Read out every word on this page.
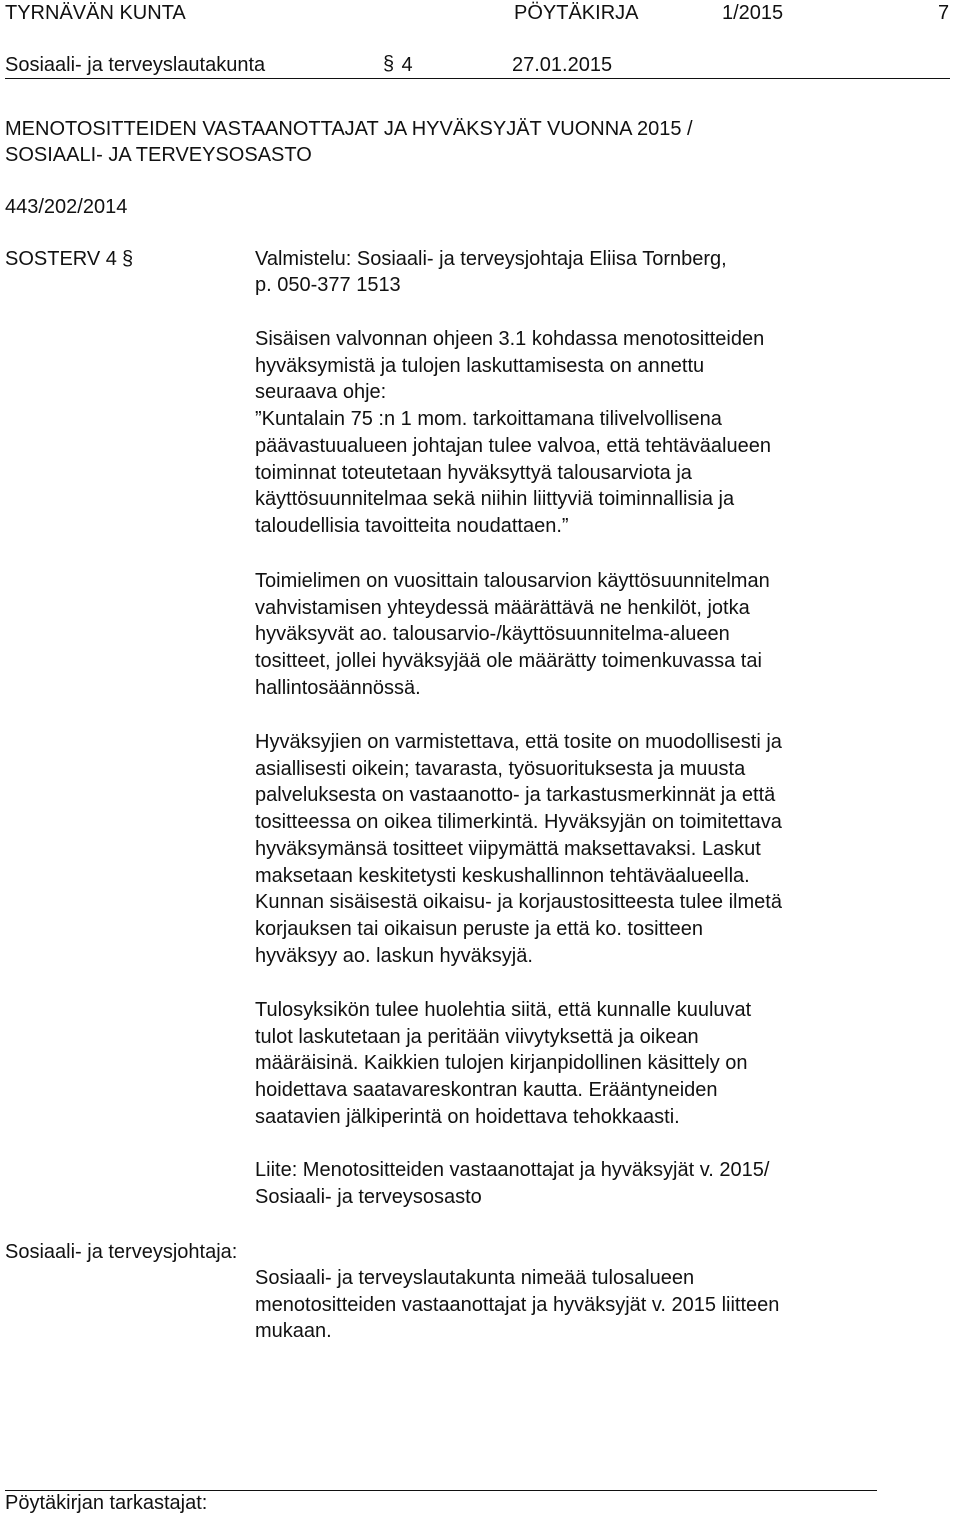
TYRNÄVÄN KUNTA	PÖYTÄKIRJA	1/2015	7
Sosiaali- ja terveyslautakunta	§ 4	27.01.2015
MENOTOSITTEIDEN VASTAANOTTAJAT JA HYVÄKSYJÄT VUONNA 2015 /
SOSIAALI- JA TERVEYSOSASTO
443/202/2014
SOSTERV 4 §	Valmistelu: Sosiaali- ja terveysjohtaja Eliisa Tornberg,
p. 050-377 1513

Sisäisen valvonnan ohjeen 3.1 kohdassa menotositteiden
hyväksymistä ja tulojen laskuttamisesta on annettu
seuraava ohje:
”Kuntalain 75 :n 1 mom. tarkoittamana tilivelvollisena
päävastuualueen johtajan tulee valvoa, että tehtäväalueen
toiminnat toteutetaan hyväksyttyä talousarviota ja
käyttösuunnitelmaa sekä niihin liittyviä toiminnallisia ja
taloudellisia tavoitteita noudattaen.”

Toimielimen on vuosittain talousarvion käyttösuunnitelman
vahvistamisen yhteydessä määrättävä ne henkilöt, jotka
hyväksyvät ao. talousarvio-/käyttösuunnitelma-alueen
tositteet, jollei hyväksyjää ole määrätty toimenkuvassa tai
hallintosäännössä.

Hyväksyjien on varmistettava, että tosite on muodollisesti ja
asiallisesti oikein; tavarasta, työsuorituksesta ja muusta
palveluksesta on vastaanotto- ja tarkastusmerkinnät ja että
tositteessa on oikea tilimerkintä. Hyväksyjän on toimitettava
hyväksymänsä tositteet viipymättä maksettavaksi. Laskut
maksetaan keskitetysti keskushallinnon tehtäväalueella.
Kunnan sisäisestä oikaisu- ja korjaustositteesta tulee ilmetä
korjauksen tai oikaisun peruste ja että ko. tositteen
hyväksyy ao. laskun hyväksyjä.

Tulosyksikön tulee huolehtia siitä, että kunnalle kuuluvat
tulot laskutetaan ja peritään viivytyksettä ja oikean
määräisinä. Kaikkien tulojen kirjanpidollinen käsittely on
hoidettava saatavareskontran kautta. Erääntyneiden
saatavien jälkiperintä on hoidettava tehokkaasti.

Liite: Menotositteiden vastaanottajat ja hyväksyjät v. 2015/
Sosiaali- ja terveysosasto

Sosiaali- ja terveysjohtaja:

Sosiaali- ja terveyslautakunta nimeää tulosalueen
menotositteiden vastaanottajat ja hyväksyjät v. 2015 liitteen
mukaan.

Pöytäkirjan tarkastajat:
